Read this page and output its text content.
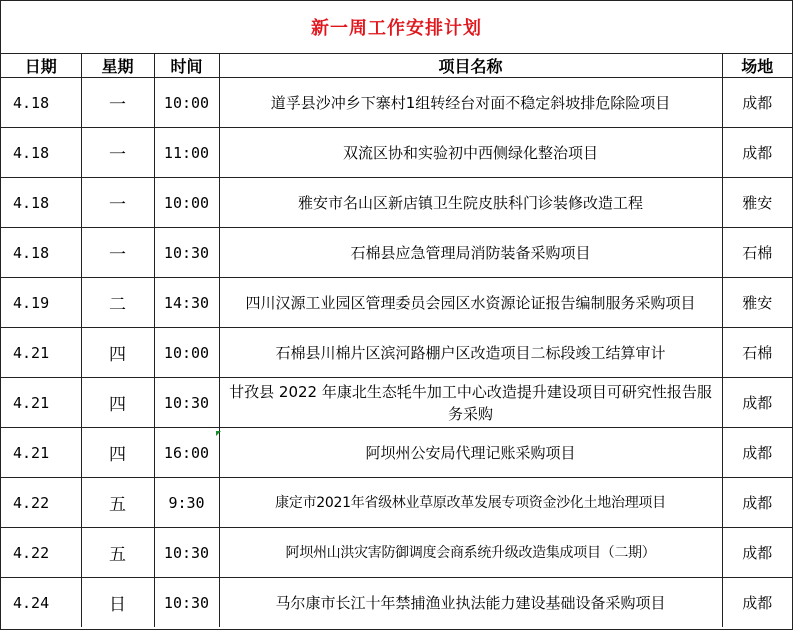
新一周工作安排计划
日期	星期	时间	项目名称	场地
4.18	一	10:00	道孚县沙冲乡下寨村1组转经台对面不稳定斜坡排危除险项目	成都
4.18	一	11:00	双流区协和实验初中西侧绿化整治项目	成都
4.18	一	10:00	雅安市名山区新店镇卫生院皮肤科门诊装修改造工程	雅安
4.18	一	10:30	石棉县应急管理局消防装备采购项目	石棉
4.19	二	14:30	四川汉源工业园区管理委员会园区水资源论证报告编制服务采购项目	雅安
4.21	四	10:00	石棉县川棉片区滨河路棚户区改造项目二标段竣工结算审计	石棉
4.21	四	10:30	甘孜县 2022 年康北生态牦牛加工中心改造提升建设项目可研究性报告服务采购	成都
4.21	四	16:00	阿坝州公安局代理记账采购项目	成都
4.22	五	9:30	康定市2021年省级林业草原改革发展专项资金沙化土地治理项目	成都
4.22	五	10:30	阿坝州山洪灾害防御调度会商系统升级改造集成项目（二期）	成都
4.24	日	10:30	马尔康市长江十年禁捕渔业执法能力建设基础设备采购项目	成都
